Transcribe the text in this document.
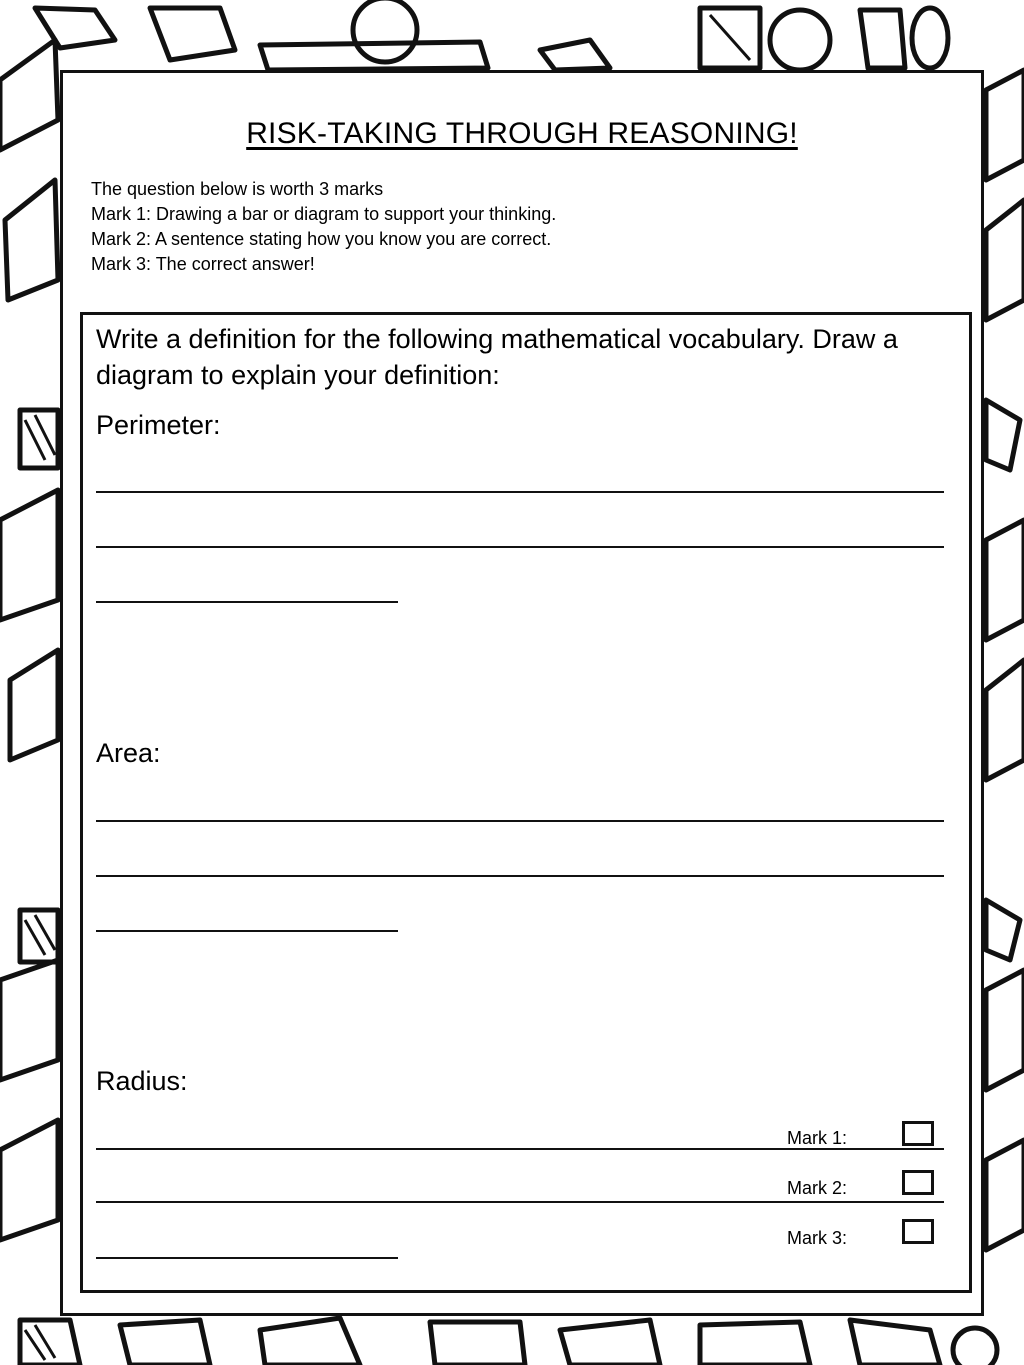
RISK-TAKING THROUGH REASONING!
The question below is worth 3 marks
Mark 1: Drawing a bar or diagram to support your thinking.
Mark 2: A sentence stating how you know you are correct.
Mark 3: The correct answer!
Write a definition for the following mathematical vocabulary. Draw a diagram to explain your definition:
Perimeter:
Area:
Radius:
Mark 1:
Mark 2:
Mark 3:
